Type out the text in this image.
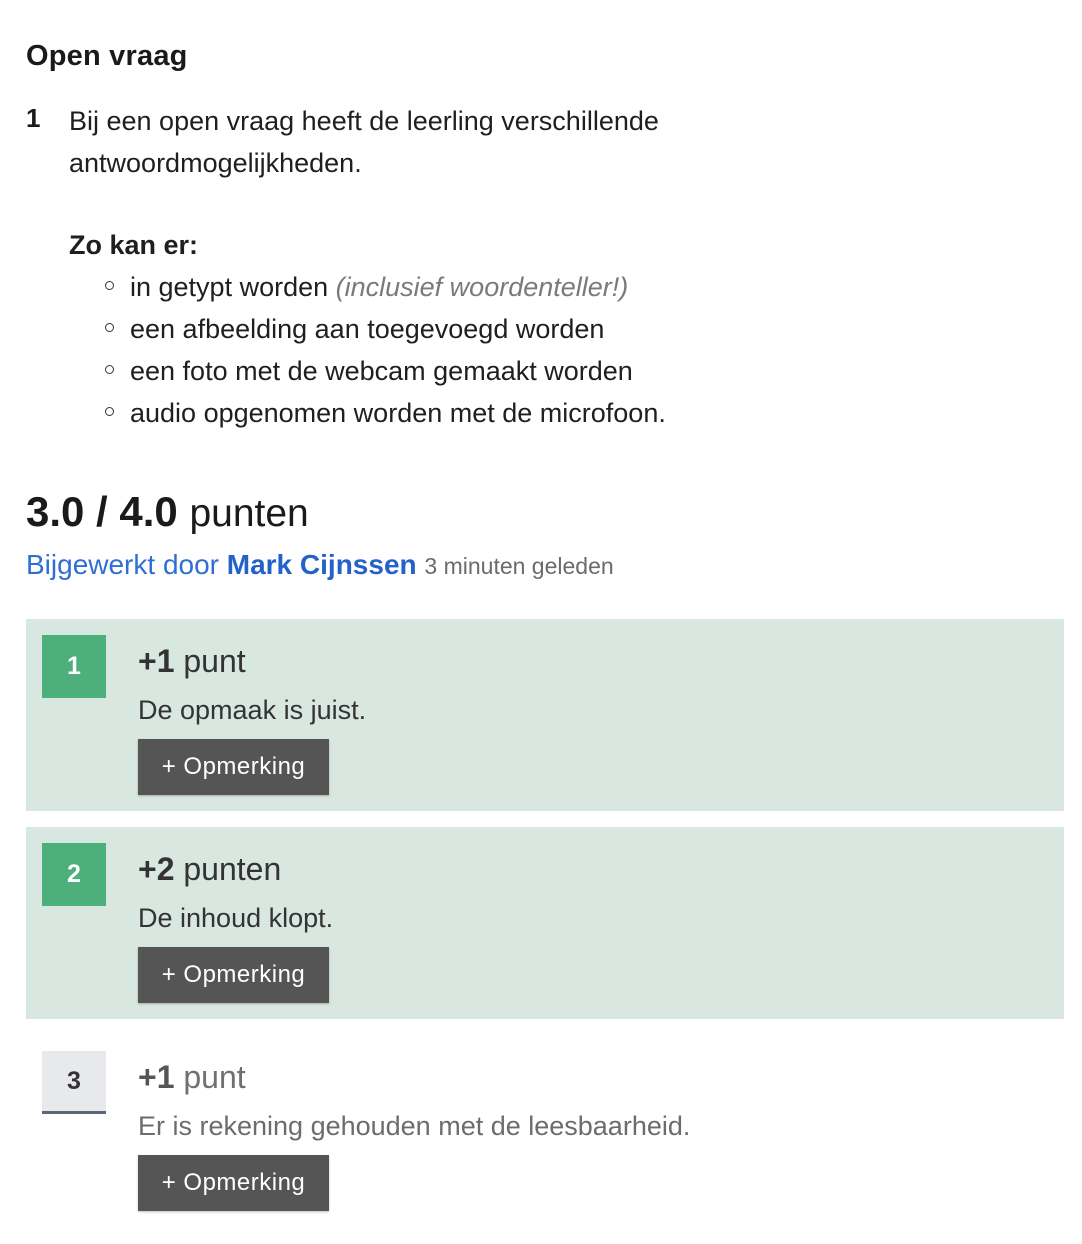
Open vraag
1 Bij een open vraag heeft de leerling verschillende antwoordmogelijkheden.

Zo kan er:

in getypt worden (inclusief woordenteller!)
een afbeelding aan toegevoegd worden
een foto met de webcam gemaakt worden
audio opgenomen worden met de microfoon.
3.0 / 4.0 punten
Bijgewerkt door Mark Cijnssen 3 minuten geleden
1	+1 punt
De opmaak is juist.
+ Opmerking
2	+2 punten
De inhoud klopt.
+ Opmerking
3	+1 punt
Er is rekening gehouden met de leesbaarheid.
+ Opmerking
